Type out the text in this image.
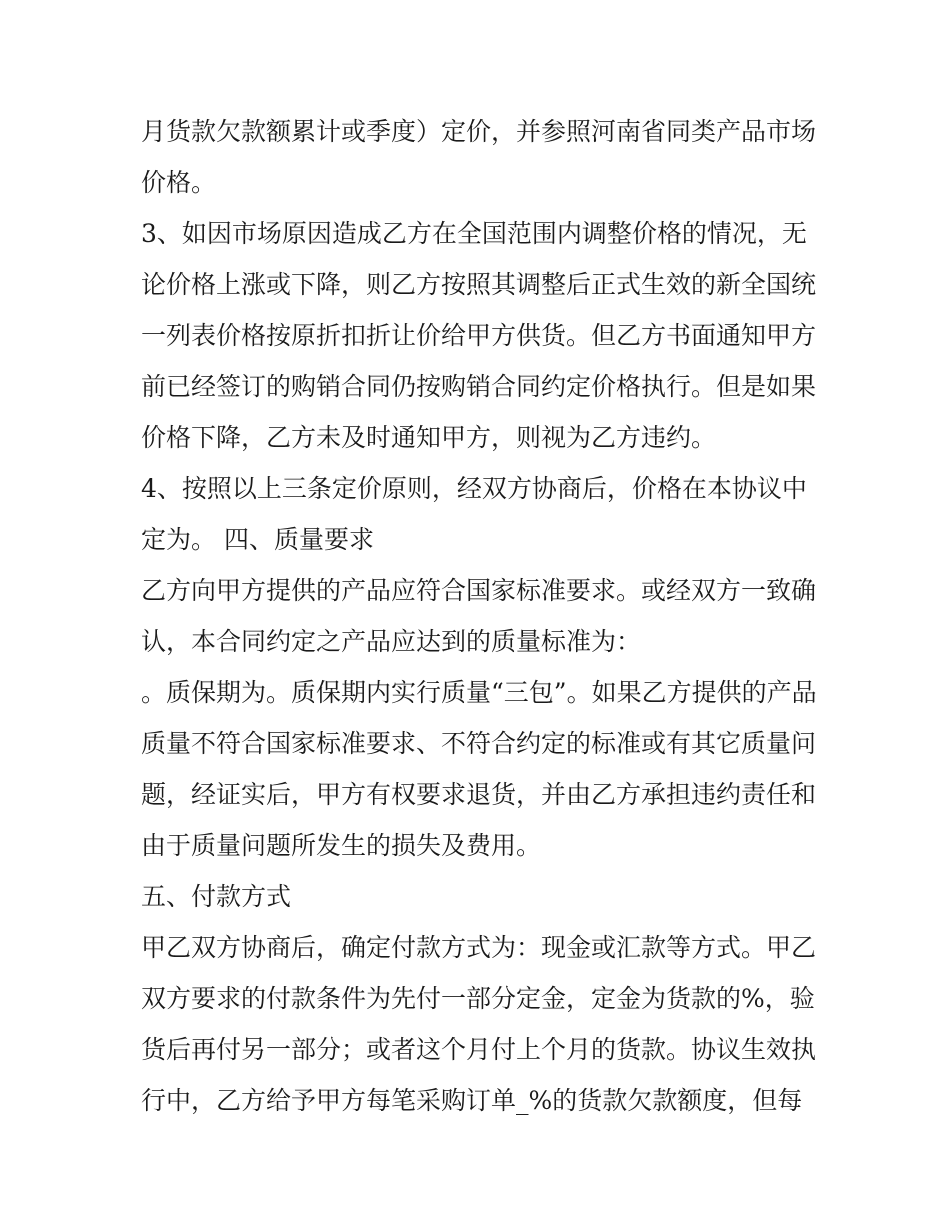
月货款欠款额累计或季度）定价，并参照河南省同类产品市场
价格。
3、如因市场原因造成乙方在全国范围内调整价格的情况，无
论价格上涨或下降，则乙方按照其调整后正式生效的新全国统
一列表价格按原折扣折让价给甲方供货。但乙方书面通知甲方
前已经签订的购销合同仍按购销合同约定价格执行。但是如果
价格下降，乙方未及时通知甲方，则视为乙方违约。
4、按照以上三条定价原则，经双方协商后，价格在本协议中
定为。 四、质量要求
乙方向甲方提供的产品应符合国家标准要求。或经双方一致确
认，本合同约定之产品应达到的质量标准为：
。质保期为。质保期内实行质量“三包”。如果乙方提供的产品
质量不符合国家标准要求、不符合约定的标准或有其它质量问
题，经证实后，甲方有权要求退货，并由乙方承担违约责任和
由于质量问题所发生的损失及费用。
五、付款方式
甲乙双方协商后，确定付款方式为：现金或汇款等方式。甲乙
双方要求的付款条件为先付一部分定金，定金为货款的%，验
货后再付另一部分；或者这个月付上个月的货款。协议生效执
行中，乙方给予甲方每笔采购订单_%的货款欠款额度，但每
